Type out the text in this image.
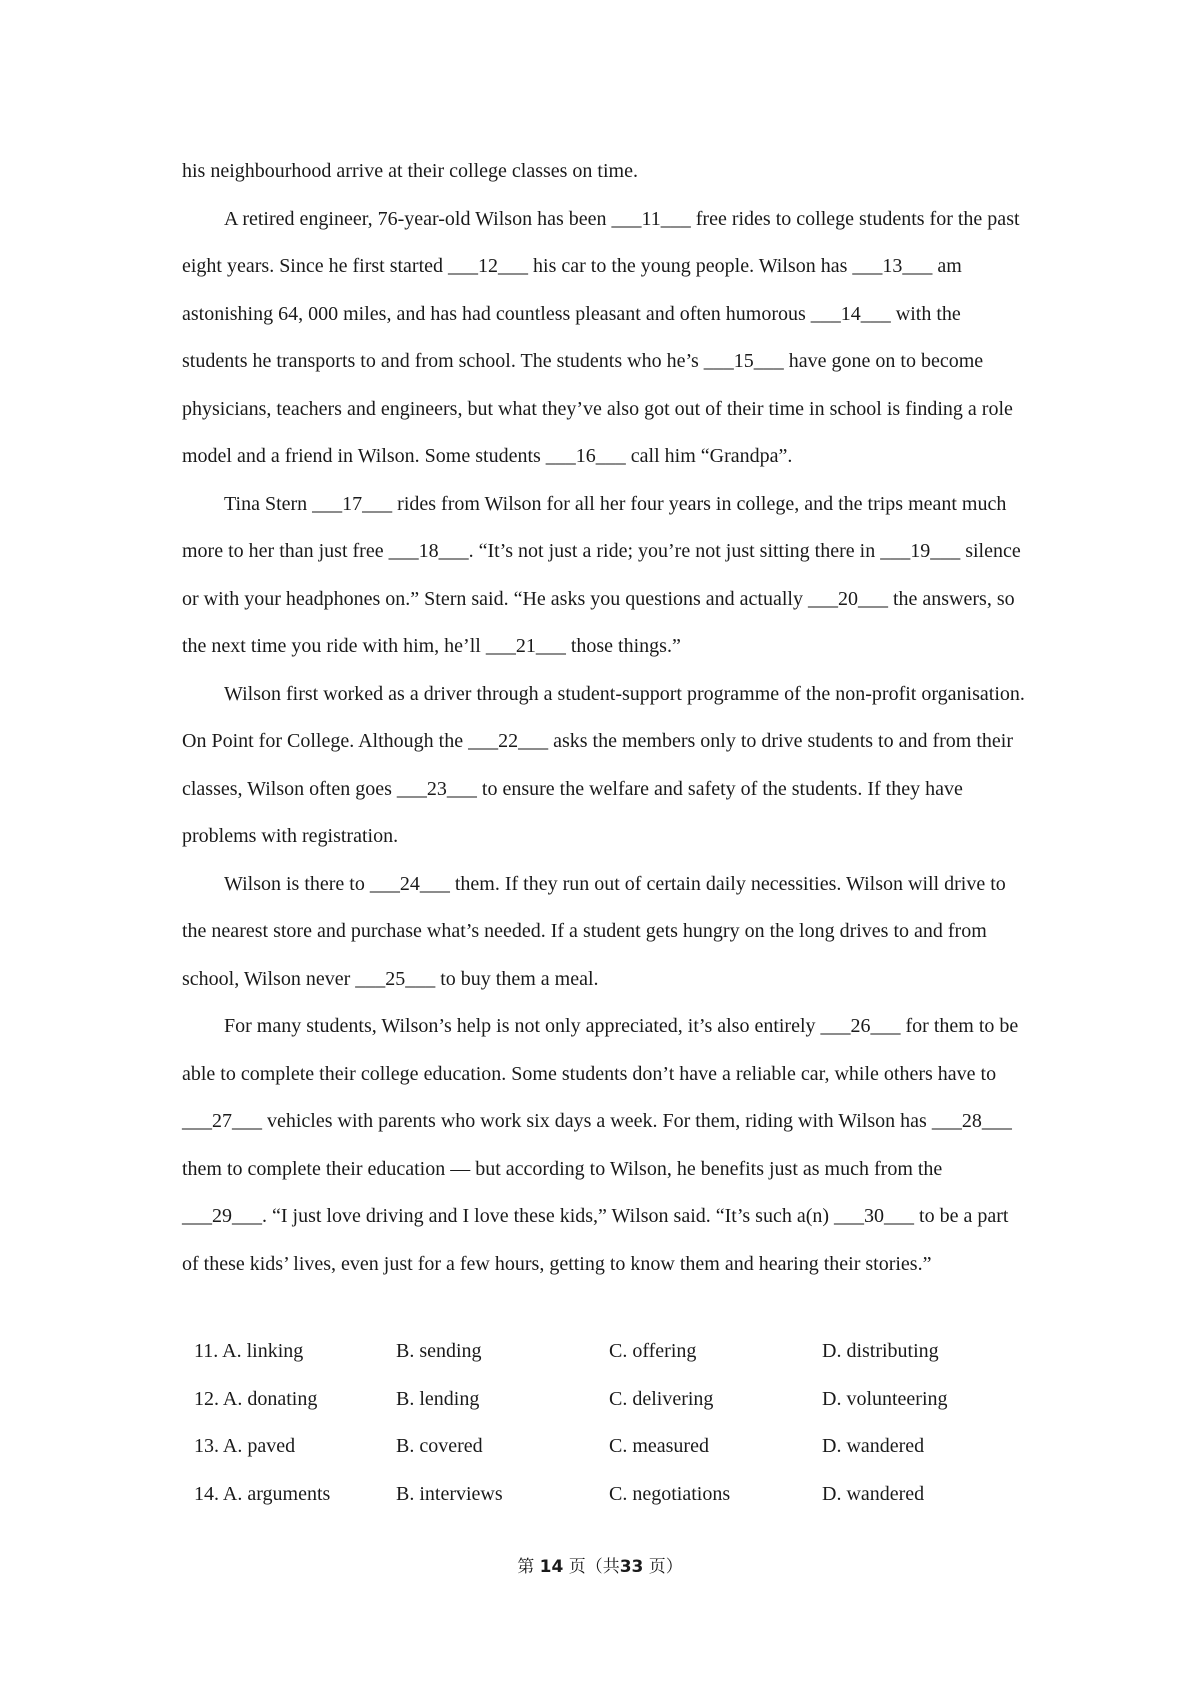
his neighbourhood arrive at their college classes on time.

A retired engineer, 76-year-old Wilson has been ___11___ free rides to college students for the past eight years. Since he first started ___12___ his car to the young people. Wilson has ___13___ am astonishing 64, 000 miles, and has had countless pleasant and often humorous ___14___ with the students he transports to and from school. The students who he’s ___15___ have gone on to become physicians, teachers and engineers, but what they’ve also got out of their time in school is finding a role model and a friend in Wilson. Some students ___16___ call him “Grandpa”.

Tina Stern ___17___ rides from Wilson for all her four years in college, and the trips meant much more to her than just free ___18___. “It’s not just a ride; you’re not just sitting there in ___19___ silence or with your headphones on.” Stern said. “He asks you questions and actually ___20___ the answers, so the next time you ride with him, he’ll ___21___ those things.”

Wilson first worked as a driver through a student-support programme of the non-profit organisation. On Point for College. Although the ___22___ asks the members only to drive students to and from their classes, Wilson often goes ___23___ to ensure the welfare and safety of the students. If they have problems with registration.

Wilson is there to ___24___ them. If they run out of certain daily necessities. Wilson will drive to the nearest store and purchase what’s needed. If a student gets hungry on the long drives to and from school, Wilson never ___25___ to buy them a meal.

For many students, Wilson’s help is not only appreciated, it’s also entirely ___26___ for them to be able to complete their college education. Some students don’t have a reliable car, while others have to ___27___ vehicles with parents who work six days a week. For them, riding with Wilson has ___28___ them to complete their education — but according to Wilson, he benefits just as much from the ___29___. “I just love driving and I love these kids,” Wilson said. “It’s such a(n) ___30___ to be a part of these kids’ lives, even just for a few hours, getting to know them and hearing their stories.”

11. A. linking	B. sending	C. offering	D. distributing
12. A. donating	B. lending	C. delivering	D. volunteering
13. A. paved	B. covered	C. measured	D. wandered
14. A. arguments	B. interviews	C. negotiations	D. wandered
第 14 页（共33 页）
